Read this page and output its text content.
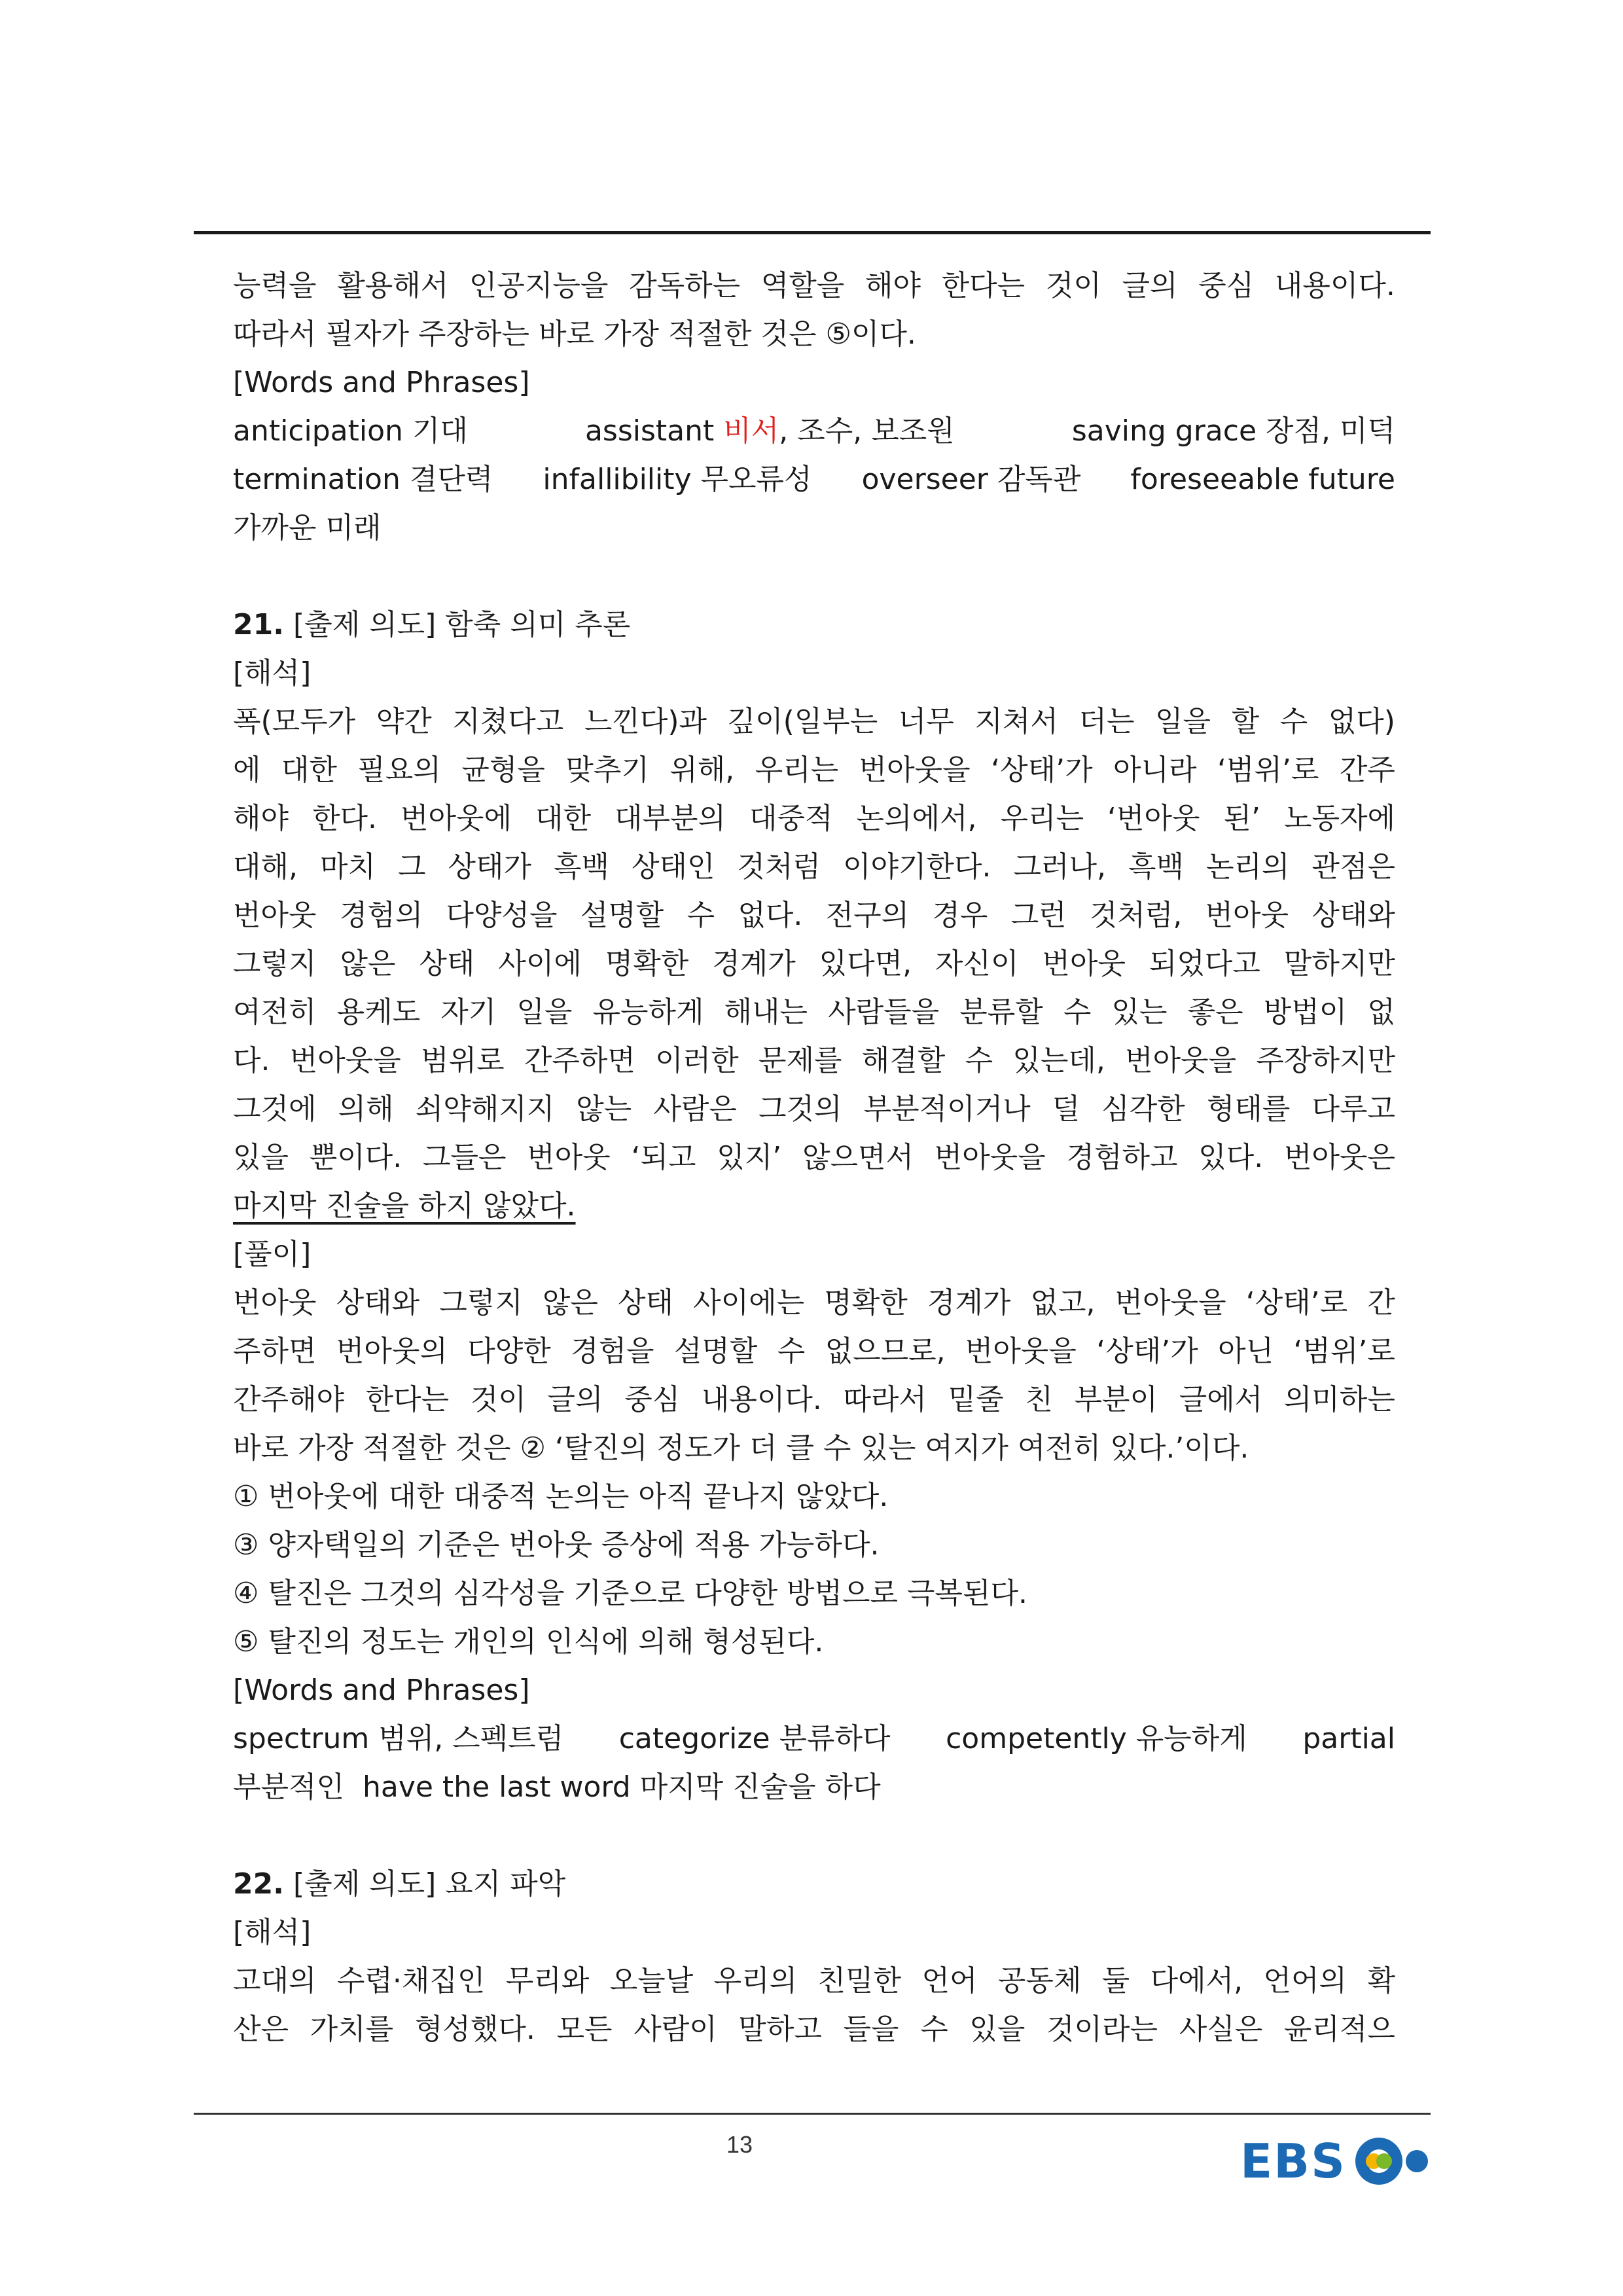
능력을 활용해서 인공지능을 감독하는 역할을 해야 한다는 것이 글의 중심 내용이다.
따라서 필자가 주장하는 바로 가장 적절한 것은 ⑤이다.
[Words and Phrases]
anticipation 기대	assistant 비서, 조수, 보조원	saving grace 장점, 미덕
termination 결단력 infallibility 무오류성 overseer 감독관 foreseeable future
가까운 미래
21. [출제 의도] 함축 의미 추론
[해석]
폭(모두가 약간 지쳤다고 느낀다)과 깊이(일부는 너무 지쳐서 더는 일을 할 수 없다)
에 대한 필요의 균형을 맞추기 위해, 우리는 번아웃을 ‘상태’가 아니라 ‘범위’로 간주
해야 한다. 번아웃에 대한 대부분의 대중적 논의에서, 우리는 ‘번아웃 된’ 노동자에
대해, 마치 그 상태가 흑백 상태인 것처럼 이야기한다. 그러나, 흑백 논리의 관점은
번아웃 경험의 다양성을 설명할 수 없다. 전구의 경우 그런 것처럼, 번아웃 상태와
그렇지 않은 상태 사이에 명확한 경계가 있다면, 자신이 번아웃 되었다고 말하지만
여전히 용케도 자기 일을 유능하게 해내는 사람들을 분류할 수 있는 좋은 방법이 없
다. 번아웃을 범위로 간주하면 이러한 문제를 해결할 수 있는데, 번아웃을 주장하지만
그것에 의해 쇠약해지지 않는 사람은 그것의 부분적이거나 덜 심각한 형태를 다루고
있을 뿐이다. 그들은 번아웃 ‘되고 있지’ 않으면서 번아웃을 경험하고 있다. 번아웃은
마지막 진술을 하지 않았다.
[풀이]
번아웃 상태와 그렇지 않은 상태 사이에는 명확한 경계가 없고, 번아웃을 ‘상태’로 간
주하면 번아웃의 다양한 경험을 설명할 수 없으므로, 번아웃을 ‘상태’가 아닌 ‘범위’로
간주해야 한다는 것이 글의 중심 내용이다. 따라서 밑줄 친 부분이 글에서 의미하는
바로 가장 적절한 것은 ② ‘탈진의 정도가 더 클 수 있는 여지가 여전히 있다.’이다.
① 번아웃에 대한 대중적 논의는 아직 끝나지 않았다.
③ 양자택일의 기준은 번아웃 증상에 적용 가능하다.
④ 탈진은 그것의 심각성을 기준으로 다양한 방법으로 극복된다.
⑤ 탈진의 정도는 개인의 인식에 의해 형성된다.
[Words and Phrases]
spectrum 범위, 스펙트럼 categorize 분류하다 competently 유능하게 partial
부분적인  have the last word 마지막 진술을 하다
22. [출제 의도] 요지 파악
[해석]
고대의 수렵·채집인 무리와 오늘날 우리의 친밀한 언어 공동체 둘 다에서, 언어의 확
산은 가치를 형성했다. 모든 사람이 말하고 들을 수 있을 것이라는 사실은 윤리적으
13	EBS
